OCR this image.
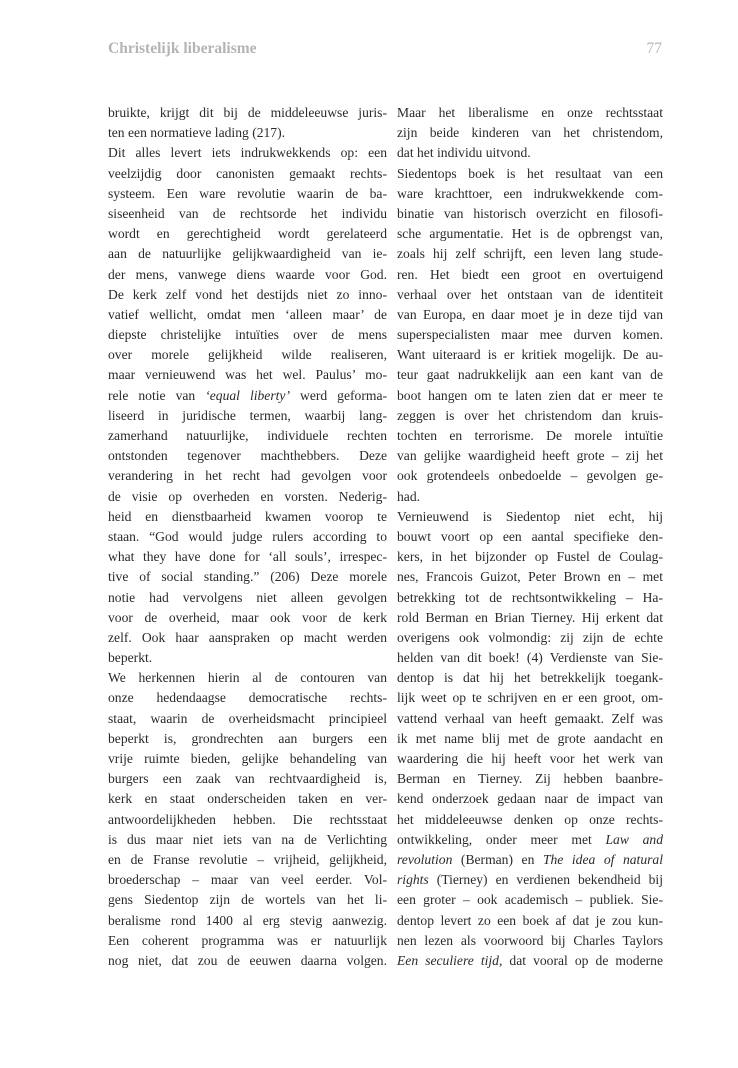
Christelijk liberalisme	77
bruikte, krijgt dit bij de middeleeuwse juris-
ten een normatieve lading (217).
Dit alles levert iets indrukwekkends op: een
veelzijdig door canonisten gemaakt rechts-
systeem. Een ware revolutie waarin de ba-
siseenheid van de rechtsorde het individu
wordt en gerechtigheid wordt gerelateerd
aan de natuurlijke gelijkwaardigheid van ie-
der mens, vanwege diens waarde voor God.
De kerk zelf vond het destijds niet zo inno-
vatief wellicht, omdat men ‘alleen maar’ de
diepste christelijke intuïties over de mens
over morele gelijkheid wilde realiseren,
maar vernieuwend was het wel. Paulus’ mo-
rele notie van ‘equal liberty’ werd geforma-
liseerd in juridische termen, waarbij lang-
zamerhand natuurlijke, individuele rechten
ontstonden tegenover machthebbers. Deze
verandering in het recht had gevolgen voor
de visie op overheden en vorsten. Nederig-
heid en dienstbaarheid kwamen voorop te
staan. “God would judge rulers according to
what they have done for ‘all souls’, irrespec-
tive of social standing.” (206) Deze morele
notie had vervolgens niet alleen gevolgen
voor de overheid, maar ook voor de kerk
zelf. Ook haar aanspraken op macht werden
beperkt.
We herkennen hierin al de contouren van
onze hedendaagse democratische rechts-
staat, waarin de overheidsmacht principieel
beperkt is, grondrechten aan burgers een
vrije ruimte bieden, gelijke behandeling van
burgers een zaak van rechtvaardigheid is,
kerk en staat onderscheiden taken en ver-
antwoordelijkheden hebben. Die rechtsstaat
is dus maar niet iets van na de Verlichting
en de Franse revolutie – vrijheid, gelijkheid,
broederschap – maar van veel eerder. Vol-
gens Siedentop zijn de wortels van het li-
beralisme rond 1400 al erg stevig aanwezig.
Een coherent programma was er natuurlijk
nog niet, dat zou de eeuwen daarna volgen.
Maar het liberalisme en onze rechtsstaat
zijn beide kinderen van het christendom,
dat het individu uitvond.
Siedentops boek is het resultaat van een
ware krachttoer, een indrukwekkende com-
binatie van historisch overzicht en filosofi-
sche argumentatie. Het is de opbrengst van,
zoals hij zelf schrijft, een leven lang stude-
ren. Het biedt een groot en overtuigend
verhaal over het ontstaan van de identiteit
van Europa, en daar moet je in deze tijd van
superspecialisten maar mee durven komen.
Want uiteraard is er kritiek mogelijk. De au-
teur gaat nadrukkelijk aan een kant van de
boot hangen om te laten zien dat er meer te
zeggen is over het christendom dan kruis-
tochten en terrorisme. De morele intuïtie
van gelijke waardigheid heeft grote – zij het
ook grotendeels onbedoelde – gevolgen ge-
had.
Vernieuwend is Siedentop niet echt, hij
bouwt voort op een aantal specifieke den-
kers, in het bijzonder op Fustel de Coulag-
nes, Francois Guizot, Peter Brown en – met
betrekking tot de rechtsontwikkeling – Ha-
rold Berman en Brian Tierney. Hij erkent dat
overigens ook volmondig: zij zijn de echte
helden van dit boek! (4) Verdienste van Sie-
dentop is dat hij het betrekkelijk toegank-
lijk weet op te schrijven en er een groot, om-
vattend verhaal van heeft gemaakt. Zelf was
ik met name blij met de grote aandacht en
waardering die hij heeft voor het werk van
Berman en Tierney. Zij hebben baanbre-
kend onderzoek gedaan naar de impact van
het middeleeuwse denken op onze rechts-
ontwikkeling, onder meer met Law and
revolution (Berman) en The idea of natural
rights (Tierney) en verdienen bekendheid bij
een groter – ook academisch – publiek. Sie-
dentop levert zo een boek af dat je zou kun-
nen lezen als voorwoord bij Charles Taylors
Een seculiere tijd, dat vooral op de moderne
